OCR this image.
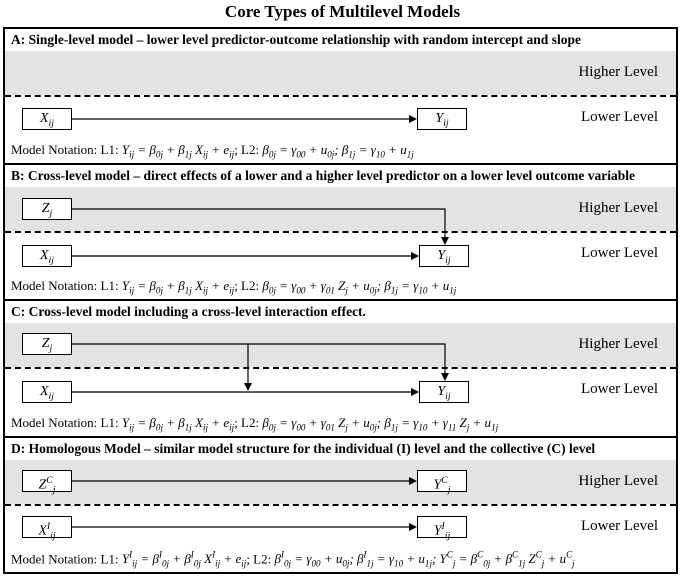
Core Types of Multilevel Models
A: Single-level model – lower level predictor-outcome relationship with random intercept and slope
Higher Level
Lower Level
$X_{ij}$	$Y_{ij}$
Model Notation: L1: $Y_{ij} = \beta_{0j} + \beta_{1j}$ $X_{ij} + e_{ij}$; L2: $\beta_{0j} = \gamma_{00} + u_{0j}$; $\beta_{1j} = \gamma_{10} + u_{1j}$
B: Cross-level model – direct effects of a lower and a higher level predictor on a lower level outcome variable
Higher Level
Lower Level
$Z_j$
$X_{ij}$	$Y_{ij}$
Model Notation: L1: $Y_{ij} = \beta_{0j} + \beta_{1j}$ $X_{ij} + e_{ij}$; L2: $\beta_{0j} = \gamma_{00} + \gamma_{01}$ $Z_j + u_{0j}$; $\beta_{1j} = \gamma_{10} + u_{1j}$
C: Cross-level model including a cross-level interaction effect.
Higher Level
Lower Level
$Z_j$
$X_{ij}$	$Y_{ij}$
Model Notation: L1: $Y_{ij} = \beta_{0j} + \beta_{1j}$ $X_{ij} + e_{ij}$; L2: $\beta_{0j} = \gamma_{00} + \gamma_{01}$ $Z_j + u_{0j}$; $\beta_{1j} = \gamma_{10} + \gamma_{11}$ $Z_j + u_{1j}$
D: Homologous Model – similar model structure for the individual (I) level and the collective (C) level
Higher Level
Lower Level
$Z^C_j$	$Y^C_j$
$X^I_{ij}$	$Y^I_{ij}$
Model Notation: L1: $Y^I_{ij} = \beta^I_{0j} + \beta^I_{0j}$ $X^I_{ij} + e_{ij}$; L2: $\beta^I_{0j} = \gamma_{00} + u_{0j}$; $\beta^I_{1j} = \gamma_{10} + u_{1j}$; $Y^C_j = \beta^C_{0j} + \beta^C_{1j}$ $Z^C_j + u^C_j$
